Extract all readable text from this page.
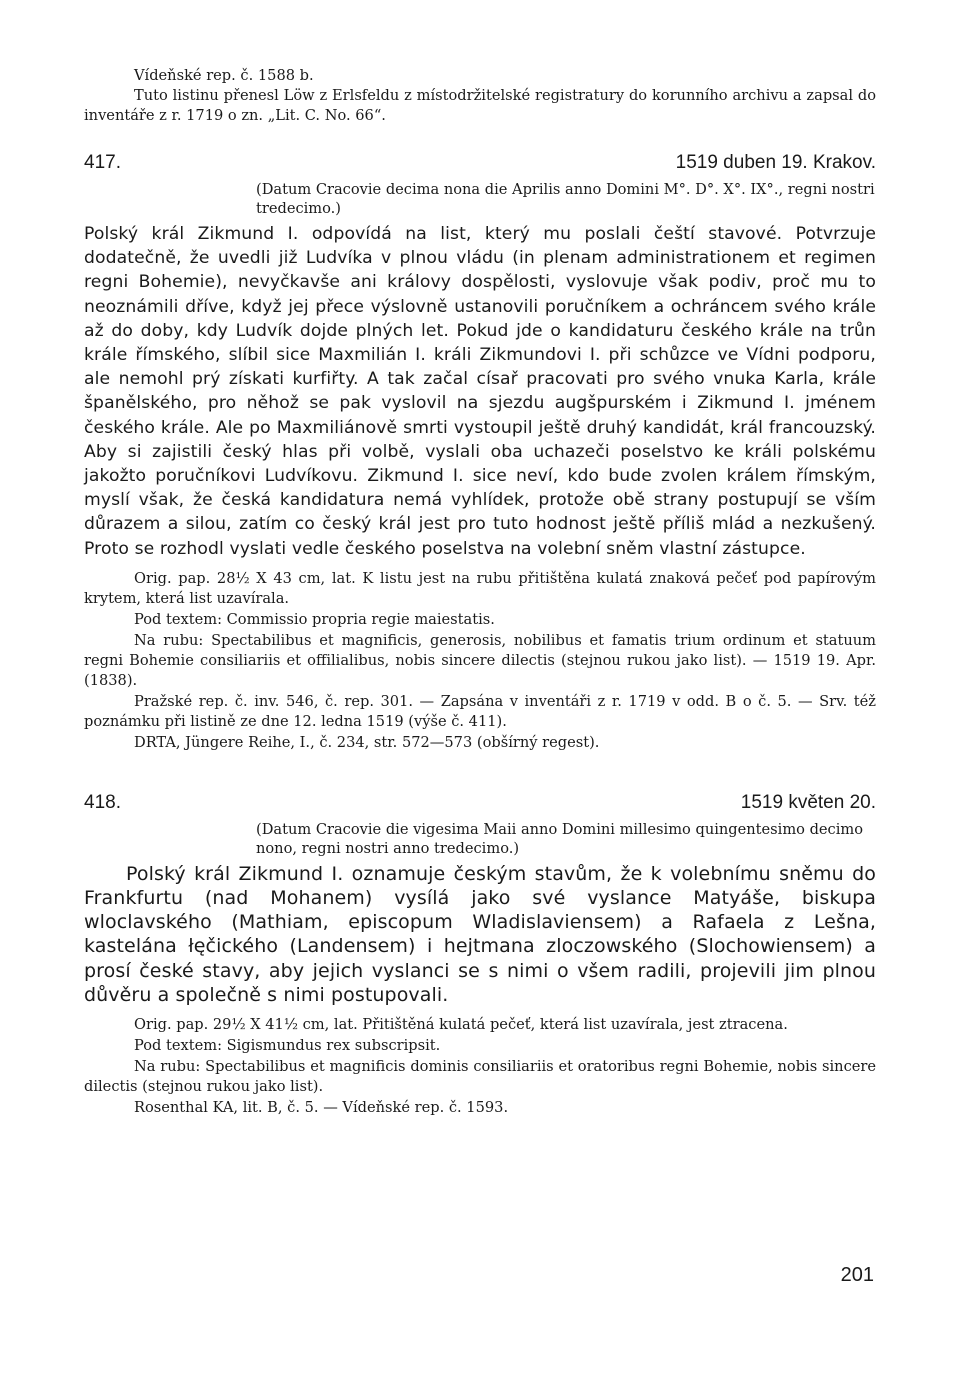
Vídeňské rep. č. 1588 b.

Tuto listinu přenesl Löw z Erlsfeldu z místodržitelské registratury do korunního archivu a zapsal do inventáře z r. 1719 o zn. „Lit. C. No. 66“.

417.	1519 duben 19. Krakov.

(Datum Cracovie decima nona die Aprilis anno Domini M°. D°. X°. IX°., regni nostri tredecimo.)

Polský král Zikmund I. odpovídá na list, který mu poslali čeští stavové. Potvrzuje dodatečně, že uvedli již Ludvíka v plnou vládu (in plenam administrationem et regimen regni Bohemie), nevyčkavše ani královy dospělosti, vyslovuje však podiv, proč mu to neoznámili dříve, když jej přece výslovně ustanovili poručníkem a ochráncem svého krále až do doby, kdy Ludvík dojde plných let. Pokud jde o kandidaturu českého krále na trůn krále římského, slíbil sice Maxmilián I. králi Zikmundovi I. při schůzce ve Vídni podporu, ale nemohl prý získati kurfiřty. A tak začal císař pracovati pro svého vnuka Karla, krále španělského, pro něhož se pak vyslovil na sjezdu augšpurském i Zikmund I. jménem českého krále. Ale po Maxmiliánově smrti vystoupil ještě druhý kandidát, král francouzský. Aby si zajistili český hlas při volbě, vyslali oba uchazeči poselstvo ke králi polskému jakožto poručníkovi Ludvíkovu. Zikmund I. sice neví, kdo bude zvolen králem římským, myslí však, že česká kandidatura nemá vyhlídek, protože obě strany postupují se vším důrazem a silou, zatím co český král jest pro tuto hodnost ještě příliš mlád a nezkušený. Proto se rozhodl vyslati vedle českého poselstva na volební sněm vlastní zástupce.

Orig. pap. 28½ X 43 cm, lat. K listu jest na rubu přitištěna kulatá znaková pečeť pod papírovým krytem, která list uzavírala.

Pod textem: Commissio propria regie maiestatis.

Na rubu: Spectabilibus et magnificis, generosis, nobilibus et famatis trium ordinum et statuum regni Bohemie consiliariis et offilialibus, nobis sincere dilectis (stejnou rukou jako list). — 1519 19. Apr. (1838).

Pražské rep. č. inv. 546, č. rep. 301. — Zapsána v inventáři z r. 1719 v odd. B o č. 5. — Srv. též poznámku při listině ze dne 12. ledna 1519 (výše č. 411).

DRTA, Jüngere Reihe, I., č. 234, str. 572—573 (obšírný regest).

418.	1519 květen 20.

(Datum Cracovie die vigesima Maii anno Domini millesimo quingentesimo decimo nono, regni nostri anno tredecimo.)

Polský král Zikmund I. oznamuje českým stavům, že k volebnímu sněmu do Frankfurtu (nad Mohanem) vysílá jako své vyslance Matyáše, biskupa wloclavského (Mathiam, episcopum Wladislaviensem) a Rafaela z Lešna, kastelána łęčického (Landensem) i hejtmana zloczowského (Slochowiensem) a prosí české stavy, aby jejich vyslanci se s nimi o všem radili, projevili jim plnou důvěru a společně s nimi postupovali.

Orig. pap. 29½ X 41½ cm, lat. Přitištěná kulatá pečeť, která list uzavírala, jest ztracena.

Pod textem: Sigismundus rex subscripsit.

Na rubu: Spectabilibus et magnificis dominis consiliariis et oratoribus regni Bohemie, nobis sincere dilectis (stejnou rukou jako list).

Rosenthal KA, lit. B, č. 5. — Vídeňské rep. č. 1593.

201
